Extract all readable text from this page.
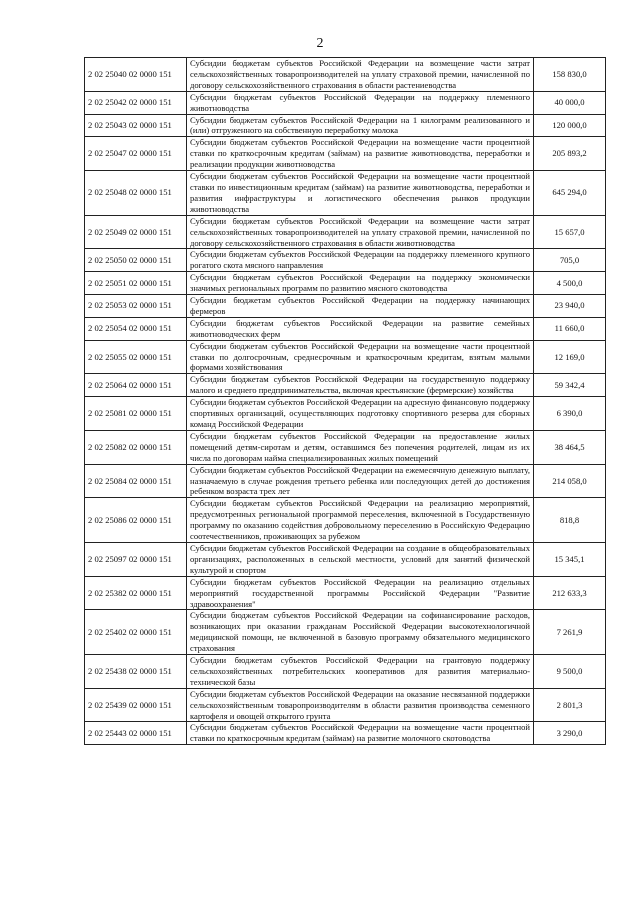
2
2 02 25040 02 0000 151	Субсидии бюджетам субъектов Российской Федерации на возмещение части затрат сельскохозяйственных товаропроизводителей на уплату страховой премии, начисленной по договору сельскохозяйственного страхования в области растениеводства	158 830,0
2 02 25042 02 0000 151	Субсидии бюджетам субъектов Российской Федерации на поддержку племенного животноводства	40 000,0
2 02 25043 02 0000 151	Субсидии бюджетам субъектов Российской Федерации на 1 килограмм реализованного и (или) отгруженного на собственную переработку молока	120 000,0
2 02 25047 02 0000 151	Субсидии бюджетам субъектов Российской Федерации на возмещение части процентной ставки по краткосрочным кредитам (займам) на развитие животноводства, переработки и реализации продукции животноводства	205 893,2
2 02 25048 02 0000 151	Субсидии бюджетам субъектов Российской Федерации на возмещение части процентной ставки по инвестиционным кредитам (займам) на развитие животноводства, переработки и развития инфраструктуры и логистического обеспечения рынков продукции животноводства	645 294,0
2 02 25049 02 0000 151	Субсидии бюджетам субъектов Российской Федерации на возмещение части затрат сельскохозяйственных товаропроизводителей на уплату страховой премии, начисленной по договору сельскохозяйственного страхования в области животноводства	15 657,0
2 02 25050 02 0000 151	Субсидии бюджетам субъектов Российской Федерации на поддержку племенного крупного рогатого скота мясного направления	705,0
2 02 25051 02 0000 151	Субсидии бюджетам субъектов Российской Федерации на поддержку экономически значимых региональных программ по развитию мясного скотоводства	4 500,0
2 02 25053 02 0000 151	Субсидии бюджетам субъектов Российской Федерации на поддержку начинающих фермеров	23 940,0
2 02 25054 02 0000 151	Субсидии бюджетам субъектов Российской Федерации на развитие семейных животноводческих ферм	11 660,0
2 02 25055 02 0000 151	Субсидии бюджетам субъектов Российской Федерации на возмещение части процентной ставки по долгосрочным, среднесрочным и краткосрочным кредитам, взятым малыми формами хозяйствования	12 169,0
2 02 25064 02 0000 151	Субсидии бюджетам субъектов Российской Федерации на государственную поддержку малого и среднего предпринимательства, включая крестьянские (фермерские) хозяйства	59 342,4
2 02 25081 02 0000 151	Субсидии бюджетам субъектов Российской Федерации на адресную финансовую поддержку спортивных организаций, осуществляющих подготовку спортивного резерва для сборных команд Российской Федерации	6 390,0
2 02 25082 02 0000 151	Субсидии бюджетам субъектов Российской Федерации на предоставление жилых помещений детям-сиротам и детям, оставшимся без попечения родителей, лицам из их числа по договорам найма специализированных жилых помещений	38 464,5
2 02 25084 02 0000 151	Субсидии бюджетам субъектов Российской Федерации на ежемесячную денежную выплату, назначаемую в случае рождения третьего ребенка или последующих детей до достижения ребенком возраста трех лет	214 058,0
2 02 25086 02 0000 151	Субсидии бюджетам субъектов Российской Федерации на реализацию мероприятий, предусмотренных региональной программой переселения, включенной в Государственную программу по оказанию содействия добровольному переселению в Российскую Федерацию соотечественников, проживающих за рубежом	818,8
2 02 25097 02 0000 151	Субсидии бюджетам субъектов Российской Федерации на создание в общеобразовательных организациях, расположенных в сельской местности, условий для занятий физической культурой и спортом	15 345,1
2 02 25382 02 0000 151	Субсидии бюджетам субъектов Российской Федерации на реализацию отдельных мероприятий государственной программы Российской Федерации "Развитие здравоохранения"	212 633,3
2 02 25402 02 0000 151	Субсидии бюджетам субъектов Российской Федерации на софинансирование расходов, возникающих при оказании гражданам Российской Федерации высокотехнологичной медицинской помощи, не включенной в базовую программу обязательного медицинского страхования	7 261,9
2 02 25438 02 0000 151	Субсидии бюджетам субъектов Российской Федерации на грантовую поддержку сельскохозяйственных потребительских кооперативов для развития материально-технической базы	9 500,0
2 02 25439 02 0000 151	Субсидии бюджетам субъектов Российской Федерации на оказание несвязанной поддержки сельскохозяйственным товаропроизводителям в области развития производства семенного картофеля и овощей открытого грунта	2 801,3
2 02 25443 02 0000 151	Субсидии бюджетам субъектов Российской Федерации на возмещение части процентной ставки по краткосрочным кредитам (займам) на развитие молочного скотоводства	3 290,0
